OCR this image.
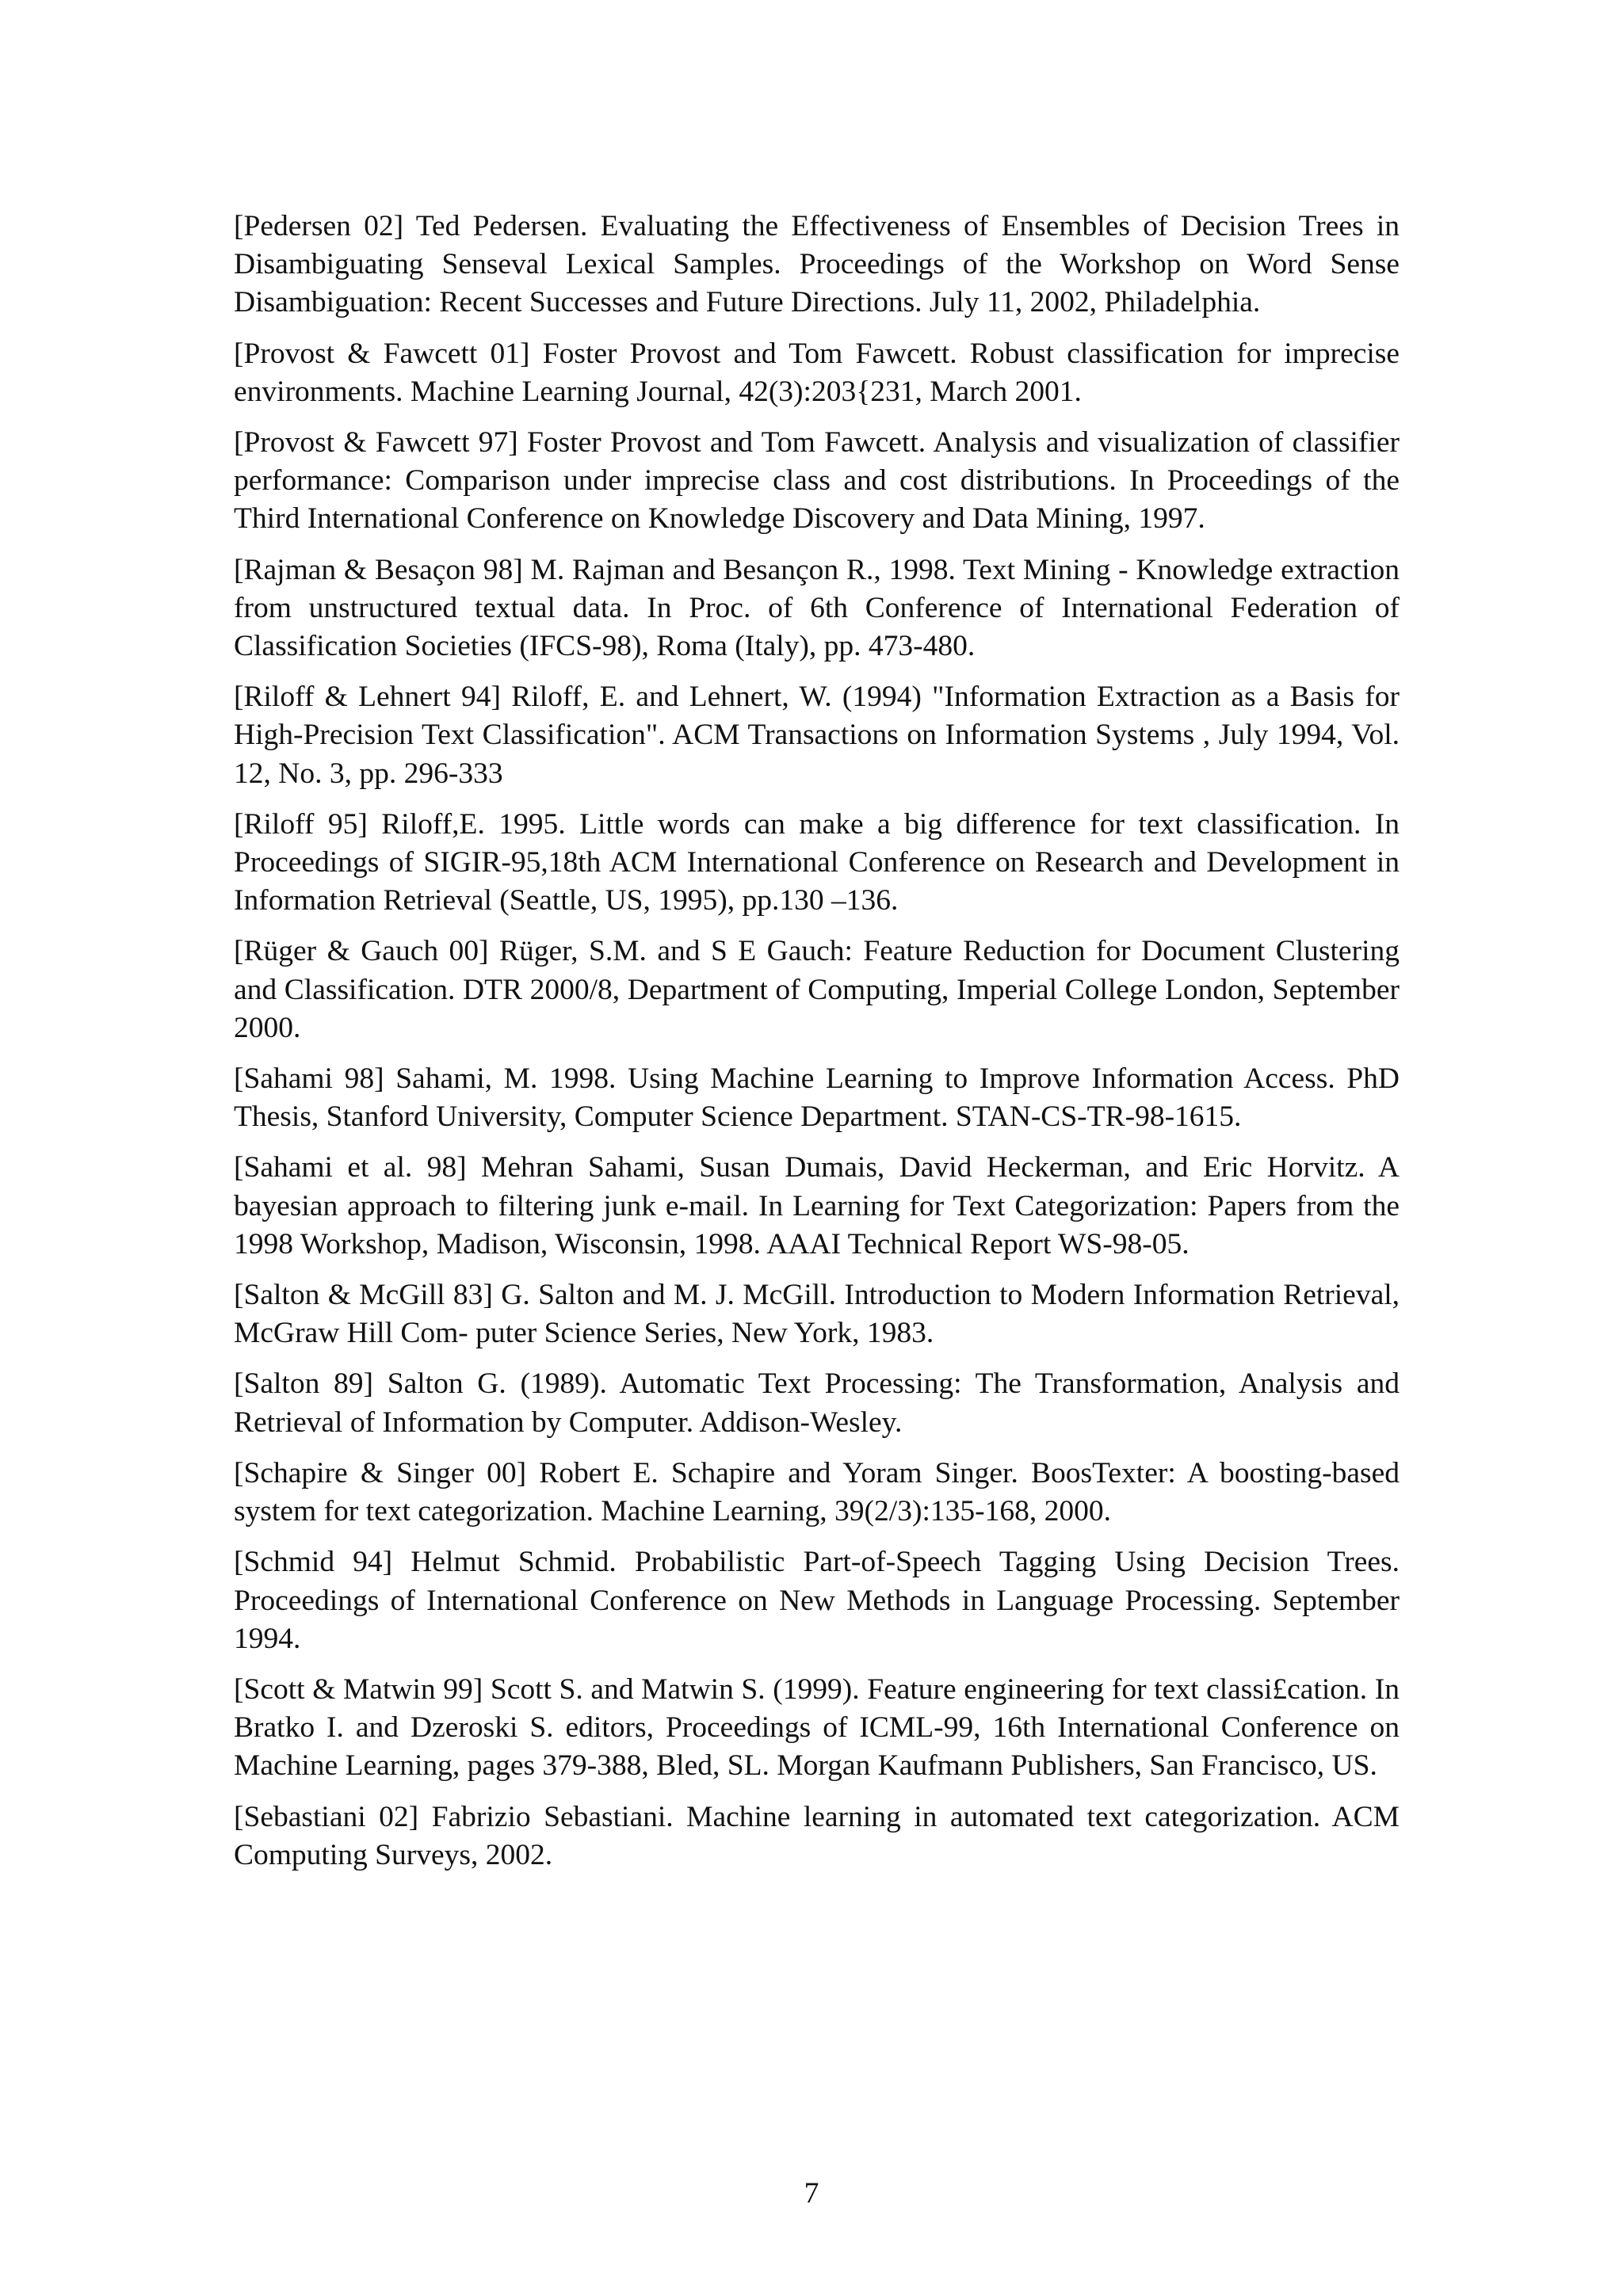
[Pedersen 02] Ted Pedersen. Evaluating the Effectiveness of Ensembles of Decision Trees in Disambiguating Senseval Lexical Samples. Proceedings of the Workshop on Word Sense Disambiguation: Recent Successes and Future Directions. July 11, 2002, Philadelphia.

[Provost & Fawcett 01] Foster Provost and Tom Fawcett. Robust classification for imprecise environments. Machine Learning Journal, 42(3):203{231, March 2001.

[Provost & Fawcett 97] Foster Provost and Tom Fawcett. Analysis and visualization of classifier performance: Comparison under imprecise class and cost distributions. In Proceedings of the Third International Conference on Knowledge Discovery and Data Mining, 1997.

[Rajman & Besaçon 98] M. Rajman and Besançon R., 1998. Text Mining - Knowledge extraction from unstructured textual data. In Proc. of 6th Conference of International Federation of Classification Societies (IFCS-98), Roma (Italy), pp. 473-480.

[Riloff & Lehnert 94] Riloff, E. and Lehnert, W. (1994) "Information Extraction as a Basis for High-Precision Text Classification". ACM Transactions on Information Systems , July 1994, Vol. 12, No. 3, pp. 296-333

[Riloff 95] Riloff,E. 1995. Little words can make a big difference for text classification. In Proceedings of SIGIR-95,18th ACM International Conference on Research and Development in Information Retrieval (Seattle, US, 1995), pp.130 –136.

[Rüger & Gauch 00] Rüger, S.M. and S E Gauch: Feature Reduction for Document Clustering and Classification. DTR 2000/8, Department of Computing, Imperial College London, September 2000.

[Sahami 98] Sahami, M. 1998. Using Machine Learning to Improve Information Access. PhD Thesis, Stanford University, Computer Science Department. STAN-CS-TR-98-1615.

[Sahami et al. 98] Mehran Sahami, Susan Dumais, David Heckerman, and Eric Horvitz. A bayesian approach to filtering junk e-mail. In Learning for Text Categorization: Papers from the 1998 Workshop, Madison, Wisconsin, 1998. AAAI Technical Report WS-98-05.

[Salton & McGill 83] G. Salton and M. J. McGill. Introduction to Modern Information Retrieval, McGraw Hill Com- puter Science Series, New York, 1983.

[Salton 89] Salton G. (1989). Automatic Text Processing: The Transformation, Analysis and Retrieval of Information by Computer. Addison-Wesley.

[Schapire & Singer 00] Robert E. Schapire and Yoram Singer. BoosTexter: A boosting-based system for text categorization. Machine Learning, 39(2/3):135-168, 2000.

[Schmid 94] Helmut Schmid. Probabilistic Part-of-Speech Tagging Using Decision Trees. Proceedings of International Conference on New Methods in Language Processing. September 1994.

[Scott & Matwin 99] Scott S. and Matwin S. (1999). Feature engineering for text classi£cation. In Bratko I. and Dzeroski S. editors, Proceedings of ICML-99, 16th International Conference on Machine Learning, pages 379-388, Bled, SL. Morgan Kaufmann Publishers, San Francisco, US.

[Sebastiani 02] Fabrizio Sebastiani. Machine learning in automated text categorization. ACM Computing Surveys, 2002.

7
